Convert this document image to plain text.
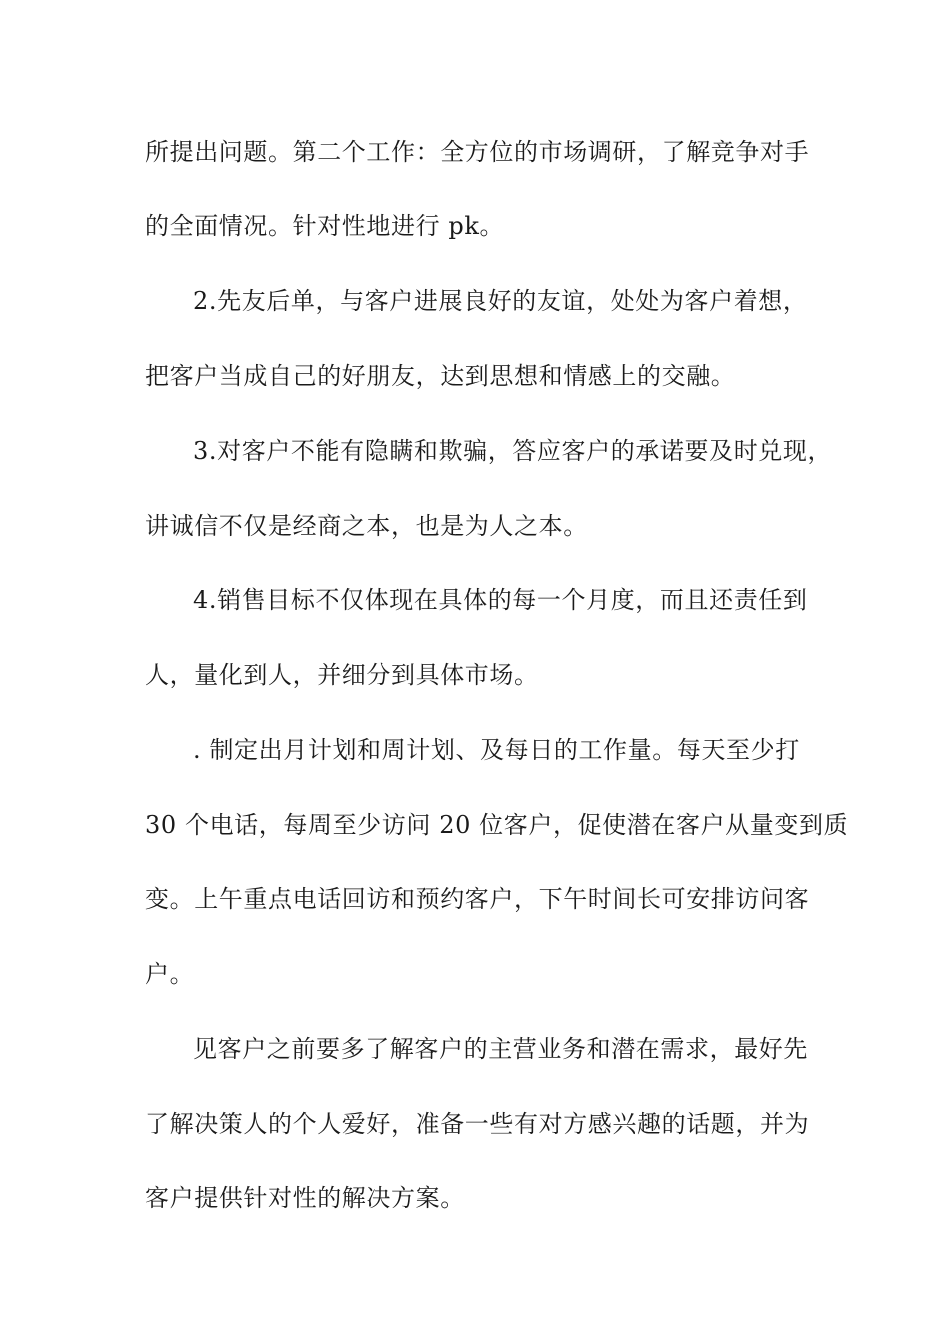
所提出问题。第二个工作：全方位的市场调研，了解竞争对手
的全面情况。针对性地进行 pk。
2.先友后单，与客户进展良好的友谊，处处为客户着想，
把客户当成自己的好朋友，达到思想和情感上的交融。
3.对客户不能有隐瞒和欺骗，答应客户的承诺要及时兑现，
讲诚信不仅是经商之本，也是为人之本。
4.销售目标不仅体现在具体的每一个月度，而且还责任到
人，量化到人，并细分到具体市场。
. 制定出月计划和周计划、及每日的工作量。每天至少打
30 个电话，每周至少访问 20 位客户，促使潜在客户从量变到质
变。上午重点电话回访和预约客户，下午时间长可安排访问客
户。
见客户之前要多了解客户的主营业务和潜在需求，最好先
了解决策人的个人爱好，准备一些有对方感兴趣的话题，并为
客户提供针对性的解决方案。
